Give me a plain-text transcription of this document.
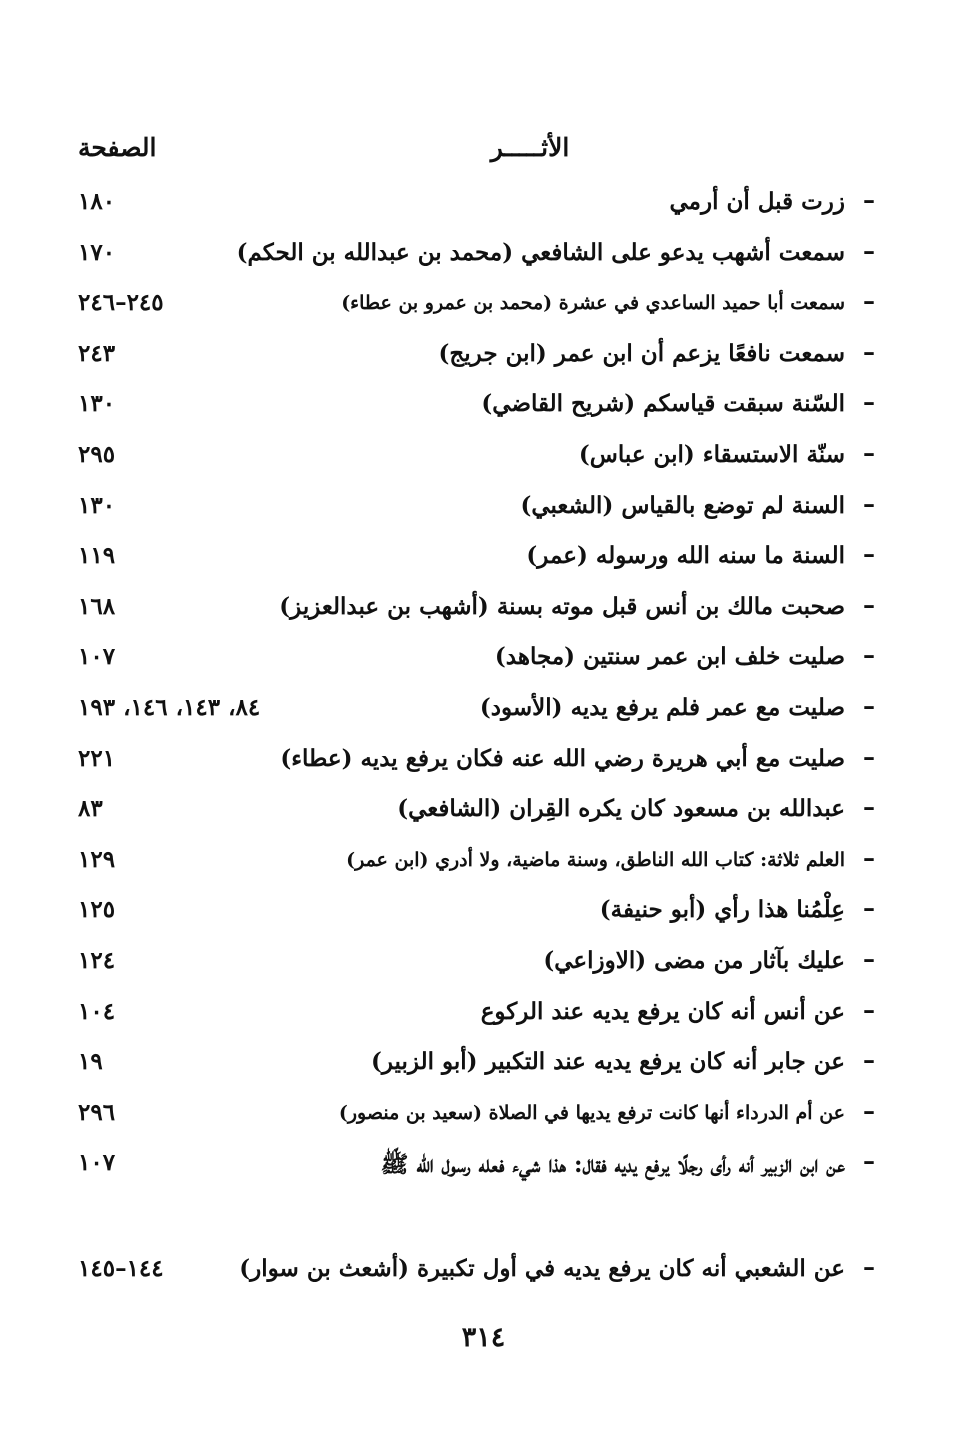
الأثـــــر
الصفحة
–
زرت قبل أن أرمي
١٨٠
–
سمعت أشهب يدعو على الشافعي (محمد بن عبدالله بن الحكم)
١٧٠
–
سمعت أبا حميد الساعدي في عشرة (محمد بن عمرو بن عطاء)
٢٤٥–٢٤٦
–
سمعت نافعًا يزعم أن ابن عمر (ابن جريج)
٢٤٣
–
السّنة سبقت قياسكم (شريح القاضي)
١٣٠
–
سنّة الاستسقاء (ابن عباس)
٢٩٥
–
السنة لم توضع بالقياس (الشعبي)
١٣٠
–
السنة ما سنه الله ورسوله (عمر)
١١٩
–
صحبت مالك بن أنس قبل موته بسنة (أشهب بن عبدالعزيز)
١٦٨
–
صليت خلف ابن عمر سنتين (مجاهد)
١٠٧
–
صليت مع عمر فلم يرفع يديه (الأسود)
٨٤، ١٤٣، ١٤٦، ١٩٣
–
صليت مع أبي هريرة رضي الله عنه فكان يرفع يديه (عطاء)
٢٢١
–
عبدالله بن مسعود كان يكره القِران (الشافعي)
٨٣
–
العلم ثلاثة: كتاب الله الناطق، وسنة ماضية، ولا أدري (ابن عمر)
١٢٩
–
عِلْمُنا هذا رأي (أبو حنيفة)
١٢٥
–
عليك بآثار من مضى (الاوزاعي)
١٢٤
–
عن أنس أنه كان يرفع يديه عند الركوع
١٠٤
–
عن جابر أنه كان يرفع يديه عند التكبير (أبو الزبير)
١٩
–
عن أم الدرداء أنها كانت ترفع يديها في الصلاة (سعيد بن منصور)
٢٩٦
–
عن ابن الزبير أنه رأى رجلًا يرفع يديه فقال: هذا شيء فعله رسول الله ﷺ
١٠٧
–
عن الشعبي أنه كان يرفع يديه في أول تكبيرة (أشعث بن سوار)
١٤٤–١٤٥
٣١٤
